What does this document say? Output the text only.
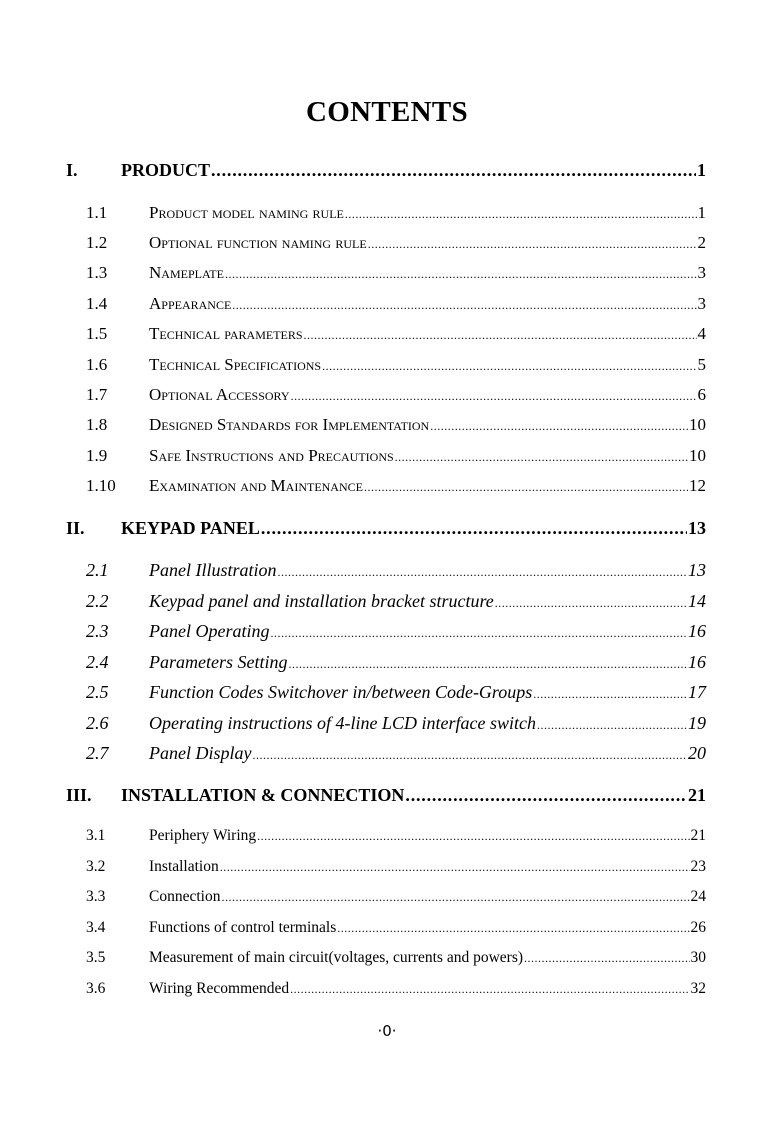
CONTENTS
I.	PRODUCT .....	1
1.1	Product model naming rule .....	1
1.2	Optional function naming rule .....	2
1.3	Nameplate .....	3
1.4	Appearance .....	3
1.5	Technical parameters .....	4
1.6	Technical Specifications .....	5
1.7	Optional Accessory .....	6
1.8	Designed Standards for Implementation .....	10
1.9	Safe Instructions and Precautions .....	10
1.10	Examination and Maintenance .....	12
II.	KEYPAD PANEL .....	13
2.1	Panel Illustration .....	13
2.2	Keypad panel and installation bracket structure .....	14
2.3	Panel Operating .....	16
2.4	Parameters Setting .....	16
2.5	Function Codes Switchover in/between Code-Groups .....	17
2.6	Operating instructions of 4-line LCD interface switch .....	19
2.7	Panel Display .....	20
III.	INSTALLATION & CONNECTION .....	21
3.1	Periphery Wiring .....	21
3.2	Installation .....	23
3.3	Connection .....	24
3.4	Functions of control terminals .....	26
3.5	Measurement of main circuit(voltages, currents and powers) .....	30
3.6	Wiring Recommended .....	32
·0·
